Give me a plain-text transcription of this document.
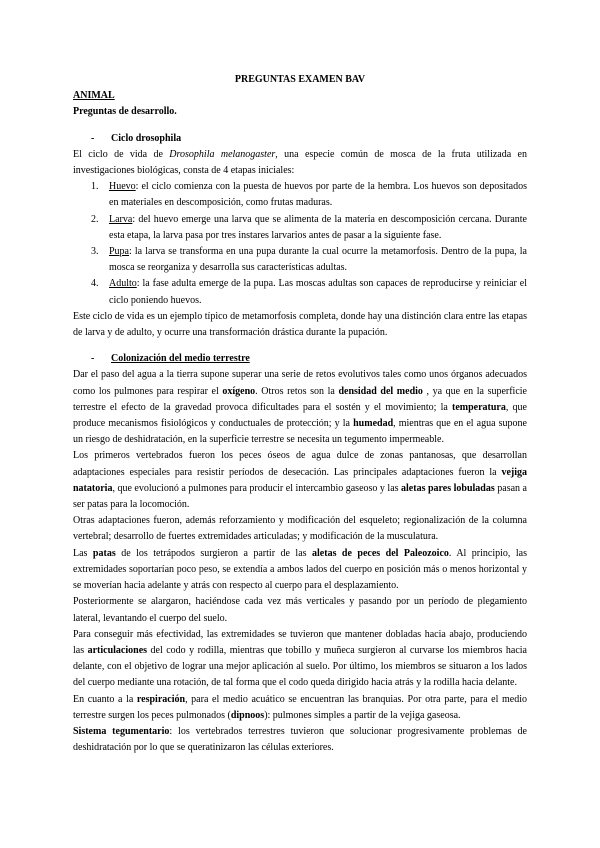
PREGUNTAS EXAMEN BAV
ANIMAL
Preguntas de desarrollo.
-	Ciclo drosophila

El ciclo de vida de Drosophila melanogaster, una especie común de mosca de la fruta utilizada en investigaciones biológicas, consta de 4 etapas iniciales:

1. Huevo: el ciclo comienza con la puesta de huevos por parte de la hembra. Los huevos son depositados en materiales en descomposición, como frutas maduras.
2. Larva: del huevo emerge una larva que se alimenta de la materia en descomposición cercana. Durante esta etapa, la larva pasa por tres instares larvarios antes de pasar a la siguiente fase.
3. Pupa: la larva se transforma en una pupa durante la cual ocurre la metamorfosis. Dentro de la pupa, la mosca se reorganiza y desarrolla sus características adultas.
4. Adulto: la fase adulta emerge de la pupa. Las moscas adultas son capaces de reproducirse y reiniciar el ciclo poniendo huevos.

Este ciclo de vida es un ejemplo típico de metamorfosis completa, donde hay una distinción clara entre las etapas de larva y de adulto, y ocurre una transformación drástica durante la pupación.

-	Colonización del medio terrestre

Dar el paso del agua a la tierra supone superar una serie de retos evolutivos tales como unos órganos adecuados como los pulmones para respirar el oxígeno. Otros retos son la densidad del medio , ya que en la superficie terrestre el efecto de la gravedad provoca dificultades para el sostén y el movimiento; la temperatura, que produce mecanismos fisiológicos y conductuales de protección; y la humedad, mientras que en el agua supone un riesgo de deshidratación, en la superficie terrestre se necesita un tegumento impermeable.

Los primeros vertebrados fueron los peces óseos de agua dulce de zonas pantanosas, que desarrollan adaptaciones especiales para resistir períodos de desecación. Las principales adaptaciones fueron la vejiga natatoria, que evolucionó a pulmones para producir el intercambio gaseoso y las aletas pares lobuladas pasan a ser patas para la locomoción.

Otras adaptaciones fueron, además reforzamiento y modificación del esqueleto; regionalización de la columna vertebral; desarrollo de fuertes extremidades articuladas; y modificación de la musculatura.

Las patas de los tetrápodos surgieron a partir de las aletas de peces del Paleozoico. Al principio, las extremidades soportarían poco peso, se extendía a ambos lados del cuerpo en posición más o menos horizontal y se moverían hacia adelante y atrás con respecto al cuerpo para el desplazamiento.

Posteriormente se alargaron, haciéndose cada vez más verticales y pasando por un período de plegamiento lateral, levantando el cuerpo del suelo.

Para conseguir más efectividad, las extremidades se tuvieron que mantener dobladas hacia abajo, produciendo las articulaciones del codo y rodilla, mientras que tobillo y muñeca surgieron al curvarse los miembros hacia delante, con el objetivo de lograr una mejor aplicación al suelo. Por último, los miembros se situaron a los lados del cuerpo mediante una rotación, de tal forma que el codo queda dirigido hacia atrás y la rodilla hacia delante.

En cuanto a la respiración, para el medio acuático se encuentran las branquias. Por otra parte, para el medio terrestre surgen los peces pulmonados (dipnoos): pulmones simples a partir de la vejiga gaseosa.

Sistema tegumentario: los vertebrados terrestres tuvieron que solucionar progresivamente problemas de deshidratación por lo que se queratinizaron las células exteriores.
